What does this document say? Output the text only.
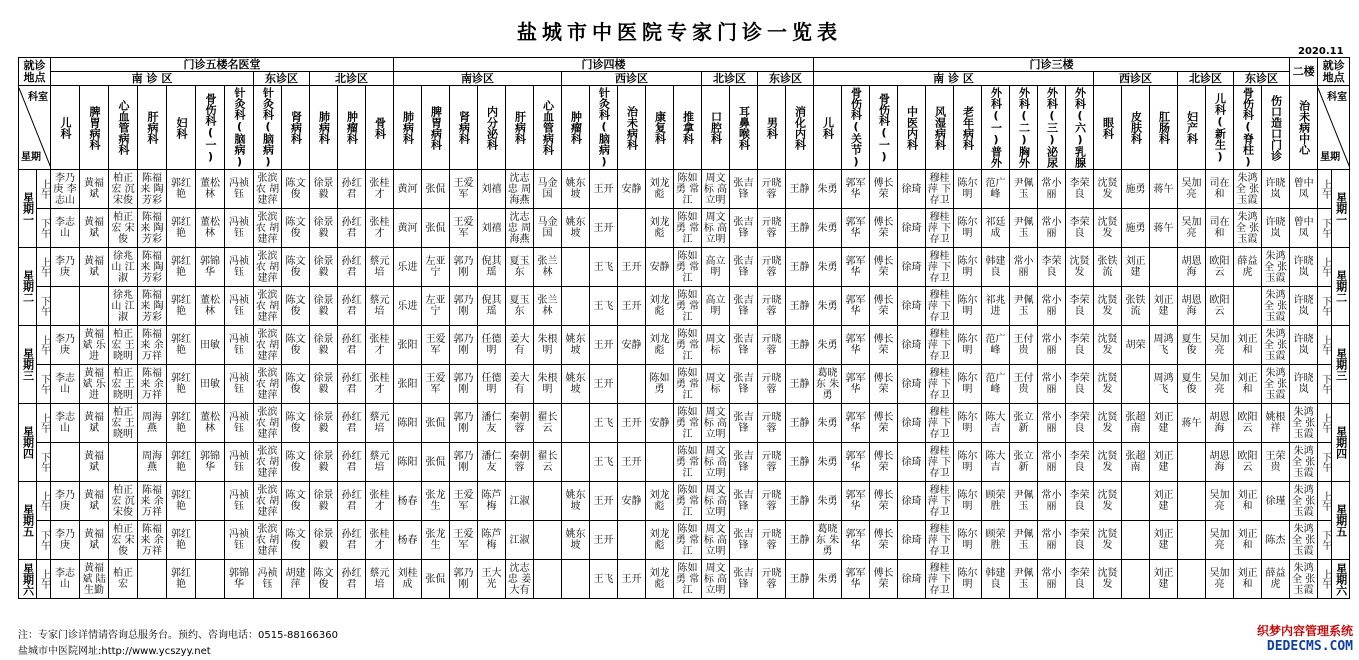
盐城市中医院专家门诊一览表
2020.11
就诊地点		门诊五楼名医堂												门诊四楼															门诊三楼																	二楼	就诊地点	
		南 诊 区							东诊区		北诊区			南诊区						西诊区					北诊区		东诊区		南 诊 区										西诊区			北诊区		东诊区				

科室
星期		儿科	脾胃病科	心血管病科	肝病科	妇科	骨伤科(一)	针灸科(脑病)	针灸科(脑病)	肾病科	肺病科	肿瘤科	骨科	肺病科	脾胃病科	肾病科	内分泌科	肝病科	心血管病科	肿瘤科	针灸科(脑病)	治未病科	康复科	推拿科	口腔科	耳鼻喉科	男科	消化内科	儿科	骨伤科(关节)	骨伤科(一)	中医内科	风湿病科	老年病科	外科(一)普外	外科(二)胸外	外科(三)泌尿	外科(六)乳腺	眼科	皮肤科	肛肠科	妇产科	儿科(新生)	骨伤科(脊柱)	伤口造口门诊	治未病中心	科室
星期	

星期一	上午	李乃庚 李志山	黄福斌	柏正宏 沉宋俊	陈福来 陶芳彩	郭红艳	董松林	冯祯钰	张滨农 胡建萍	陈文俊	徐景毅	孙红君	张桂才	黄河	张侃	王爱军	刘禧	沈志忠 周海燕	马金国	姚东坡	王开	安静	刘龙彪	陈如勇 常江	周文标 高立明	张吉锋	亓晓蓉	王静	朱勇	郭军华	傅长荣	徐琦	穆桂萍 下存卫	陈尔明	范广峰	尹佩玉	常小丽	李荣良	沈贤发	施勇	蒋午	吴加亮	司在和	朱鸿全 张玉霞	许晓岚	曾中凤	上午	星期一

	下午	李志山	黄福斌	柏正宏 宋俊	陈福来 陶芳彩	郭红艳	董松林	冯祯钰	张滨农 胡建萍	陈文俊	徐景毅	孙红君	张桂才	黄河	张侃	王爱军	刘禧	沈志忠 周海燕	马金国	姚东坡	王开		刘龙彪	陈如勇 常江	周文标 高立明	张吉锋	亓晓蓉	王静	朱勇	郭军华	傅长荣	徐琦	穆桂萍 下存卫	陈尔明	祁廷成	尹佩玉	常小丽	李荣良	沈贤发	施勇	蒋午	吴加亮	司在和	朱鸿全 张玉霞	许晓岚	曾中凤	下午	

星期二	上午	李乃庚	黄福斌	徐兆山 江淑	陈福来 陶芳彩	郭红艳	郭锦华	冯祯钰	张滨农 胡建萍	陈文俊	徐景毅	孙红君	蔡元培	乐进	左亚宁	郭乃刚	倪其瑶	夏玉东	张兰林		王飞	王开	安静	陈如勇 常江	高立明	张吉锋	亓晓蓉	王静	朱勇	郭军华	傅长荣	徐琦	穆桂萍 下存卫	陈尔明	韩建良	常小丽	李荣良	沈贤发	张铁流	刘正建		胡恩海	欧阳云	薛益虎	朱鸿全 张玉霞	许晓岚	上午	星期二

	下午			徐兆山 江淑	陈福来 陶芳彩	郭红艳	董松林	冯祯钰	张滨农 胡建萍	陈文俊	徐景毅	孙红君	蔡元培	乐进	左亚宁	郭乃刚	倪其瑶	夏玉东	张兰林		王飞	王开	刘龙彪	陈如勇 常江	高立明	张吉锋	亓晓蓉	王静	朱勇	郭军华	傅长荣	徐琦	穆桂萍 下存卫	陈尔明	祁兆进	尹佩玉	常小丽	李荣良	沈贤发	张铁流	刘正建	胡恩海	欧阳云		朱鸿全 张玉霞	许晓岚	下午	

星期三	上午	李乃庚	黄福斌 乐进	柏正宏 王晓明	陈福来 余万祥	郭红艳	田敏	冯祯钰	张滨农 胡建萍	陈文俊	徐景毅	孙红君	张桂才	张阳	王爱军	郭乃刚	任德明	姜大有	朱根明	姚东坡	王开	安静	刘龙彪	陈如勇 常江	周文标	张吉锋	亓晓蓉	王静	朱勇	郭军华	傅长荣	徐琦	穆桂萍 下存卫	陈尔明	范广峰	王付贵	常小丽	李荣良	沈贤发	胡荣	周鸿飞	夏生俊	吴加亮	刘正和	朱鸿全 张玉霞	许晓岚	上午	星期三

	下午	李志山	黄福斌 乐进	柏正宏 王晓明	陈福来 余万祥	郭红艳	田敏	冯祯钰	张滨农 胡建萍	陈文俊	徐景毅	孙红君	张桂才	张阳	王爱军	郭乃刚	任德明	姜大有	朱根明	姚东坡	王开		陈如勇	陈如勇 常江	周文标	张吉锋	亓晓蓉	王静	葛晓东 朱勇	郭军华	傅长荣	徐琦	穆桂萍 下存卫	陈尔明	范广峰	王付贵	常小丽	李荣良	沈贤发		周鸿飞	夏生俊	吴加亮	刘正和	朱鸿全 张玉霞	许晓岚	下午	

星期四	上午	李志山	黄福斌	柏正宏 王晓明	周海燕	郭红艳	董松林	冯祯钰	张滨农 胡建萍	陈文俊	徐景毅	孙红君	蔡元培	陈阳	张侃	郭乃刚	潘仁友	秦朝蓉	翟长云		王飞	王开	安静	陈如勇 常江	周文标 高立明	张吉锋	亓晓蓉	王静	朱勇	郭军华	傅长荣	徐琦	穆桂萍 下存卫	陈尔明	陈大吉	张立新	常小丽	李荣良	沈贤发	张超南	刘正建	蒋午	胡恩海	欧阳云	姚根祥	朱鸿全 张玉霞	上午	星期四

	下午		黄福斌		周海燕	郭红艳	郭锦华	冯祯钰	张滨农 胡建萍	陈文俊	徐景毅	孙红君	蔡元培	陈阳	张侃	郭乃刚	潘仁友	秦朝蓉	翟长云		王飞	王开		陈如勇 常江	周文标 高立明	张吉锋	亓晓蓉	王静	朱勇	郭军华	傅长荣	徐琦	穆桂萍 下存卫	陈尔明	陈大吉	张立新	常小丽	李荣良	沈贤发	张超南	刘正建		胡恩海	欧阳云	王荣贵	朱鸿全 张玉霞	下午	

星期五	上午	李乃庚	黄福斌	柏正宏 沉宋俊	陈福来 余万祥	郭红艳		冯祯钰	张滨农 胡建萍	陈文俊	徐景毅	孙红君	张桂才	杨春	张龙生	王爱军	陈芦梅	江淑		姚东坡	王开	安静	刘龙彪	陈如勇 常江	周文标 高立明	张吉锋	亓晓蓉	王静	朱勇	郭军华	傅长荣	徐琦	穆桂萍 下存卫	陈尔明	顾荣胜	尹佩玉	常小丽	李荣良	沈贤发		刘正建		吴加亮	刘正和	徐瑾	朱鸿全 张玉霞	上午	星期五

	下午	李乃庚	黄福斌	柏正宏 宋俊	陈福来 余万祥	郭红艳		冯祯钰	张滨农 胡建萍	陈文俊	徐景毅	孙红君	张桂才	杨春	张龙生	王爱军	陈芦梅	江淑		姚东坡	王开		刘龙彪	陈如勇 常江	周文标 高立明	张吉锋	亓晓蓉	王静	葛晓东 朱勇	郭军华	傅长荣	徐琦	穆桂萍 下存卫	陈尔明	顾荣胜	尹佩玉	常小丽	李荣良	沈贤发		刘正建		吴加亮	刘正和	陈杰	朱鸿全 张玉霞	下午	

星期六	上午	李志山	黄福斌 陆生勤	柏正宏		郭红艳		郭锦华	冯祯钰	胡建萍	陈文俊	孙红君	蔡元培	刘桂成	张侃	郭乃刚	王大光	沈志忠 姜大有			王飞	王开	刘龙彪	陈如勇 常江	周文标 高立明	张吉锋	亓晓蓉	王静	朱勇	郭军华	傅长荣	徐琦	穆桂萍 下存卫	陈尔明	韩建良	尹佩玉	常小丽	李荣良	沈贤发		刘正建		吴加亮	刘正和	薛益虎	朱鸿全 张玉霞	上午	星期六
注：专家门诊详情请咨询总服务台。预约、咨询电话：0515-88166360
盐城市中医院网址:http://www.ycszyy.net
织梦内容管理系统
DEDECMS.COM
